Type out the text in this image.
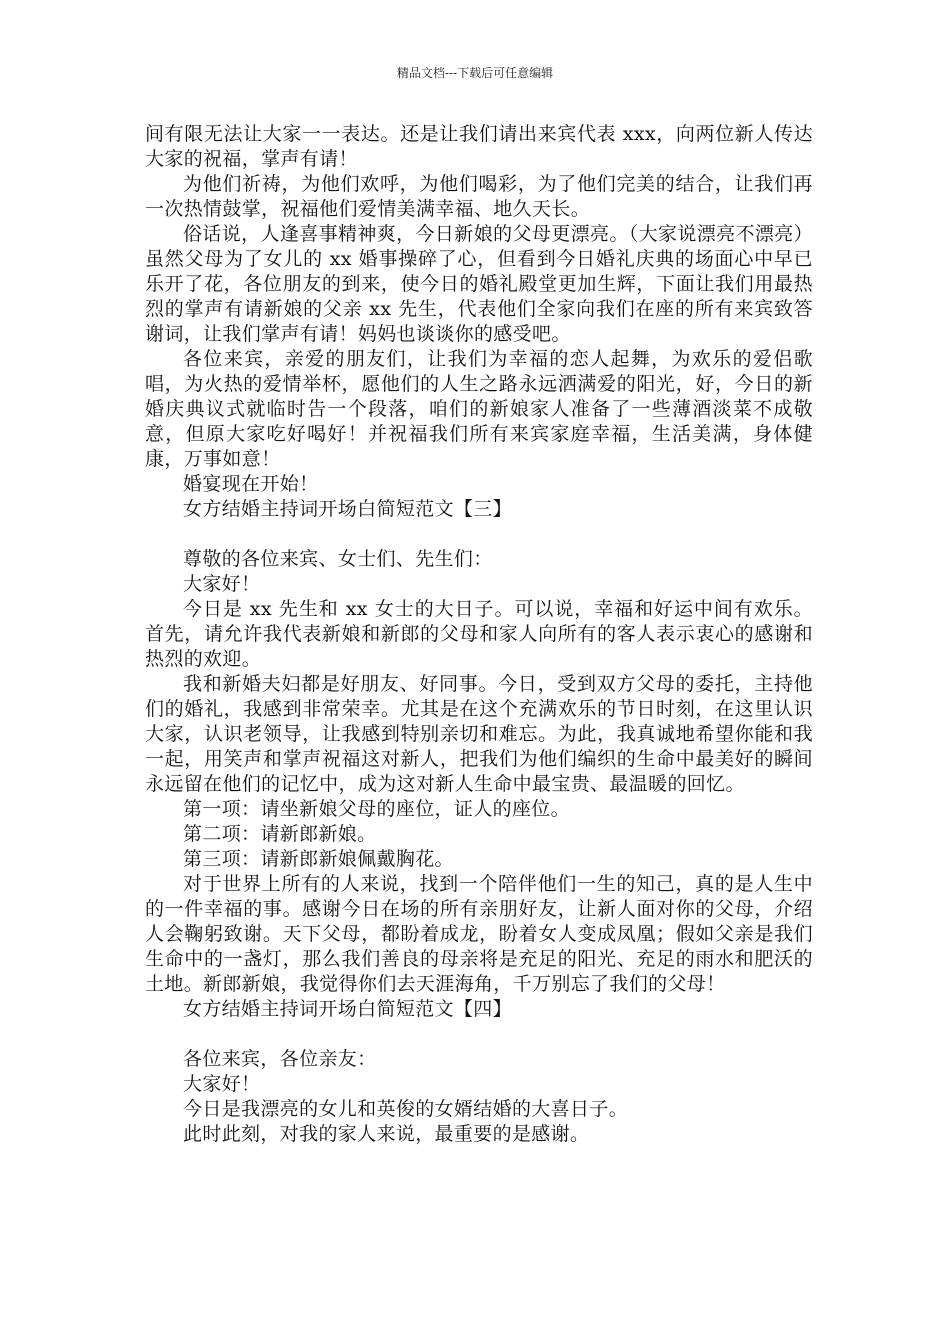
精品文档---下载后可任意编辑

间有限无法让大家一一表达。还是让我们请出来宾代表 xxx，向两位新人传达大家的祝福，掌声有请！

为他们祈祷，为他们欢呼，为他们喝彩，为了他们完美的结合，让我们再一次热情鼓掌，祝福他们爱情美满幸福、地久天长。

俗话说，人逢喜事精神爽，今日新娘的父母更漂亮。（大家说漂亮不漂亮）虽然父母为了女儿的 xx 婚事操碎了心，但看到今日婚礼庆典的场面心中早已乐开了花，各位朋友的到来，使今日的婚礼殿堂更加生辉，下面让我们用最热烈的掌声有请新娘的父亲 xx 先生，代表他们全家向我们在座的所有来宾致答谢词，让我们掌声有请！妈妈也谈谈你的感受吧。

各位来宾，亲爱的朋友们，让我们为幸福的恋人起舞，为欢乐的爱侣歌唱，为火热的爱情举杯，愿他们的人生之路永远洒满爱的阳光，好，今日的新婚庆典议式就临时告一个段落，咱们的新娘家人准备了一些薄酒淡菜不成敬意，但原大家吃好喝好！并祝福我们所有来宾家庭幸福，生活美满，身体健康，万事如意！

婚宴现在开始！

女方结婚主持词开场白简短范文【三】

尊敬的各位来宾、女士们、先生们：

大家好！

今日是 xx 先生和 xx 女士的大日子。可以说，幸福和好运中间有欢乐。首先，请允许我代表新娘和新郎的父母和家人向所有的客人表示衷心的感谢和热烈的欢迎。

我和新婚夫妇都是好朋友、好同事。今日，受到双方父母的委托，主持他们的婚礼，我感到非常荣幸。尤其是在这个充满欢乐的节日时刻，在这里认识大家，认识老领导，让我感到特别亲切和难忘。为此，我真诚地希望你能和我一起，用笑声和掌声祝福这对新人，把我们为他们编织的生命中最美好的瞬间永远留在他们的记忆中，成为这对新人生命中最宝贵、最温暖的回忆。

第一项：请坐新娘父母的座位，证人的座位。

第二项：请新郎新娘。

第三项：请新郎新娘佩戴胸花。

对于世界上所有的人来说，找到一个陪伴他们一生的知己，真的是人生中的一件幸福的事。感谢今日在场的所有亲朋好友，让新人面对你的父母，介绍人会鞠躬致谢。天下父母，都盼着成龙，盼着女人变成凤凰；假如父亲是我们生命中的一盏灯，那么我们善良的母亲将是充足的阳光、充足的雨水和肥沃的土地。新郎新娘，我觉得你们去天涯海角，千万别忘了我们的父母！

女方结婚主持词开场白简短范文【四】

各位来宾，各位亲友：

大家好！

今日是我漂亮的女儿和英俊的女婿结婚的大喜日子。

此时此刻，对我的家人来说，最重要的是感谢。
